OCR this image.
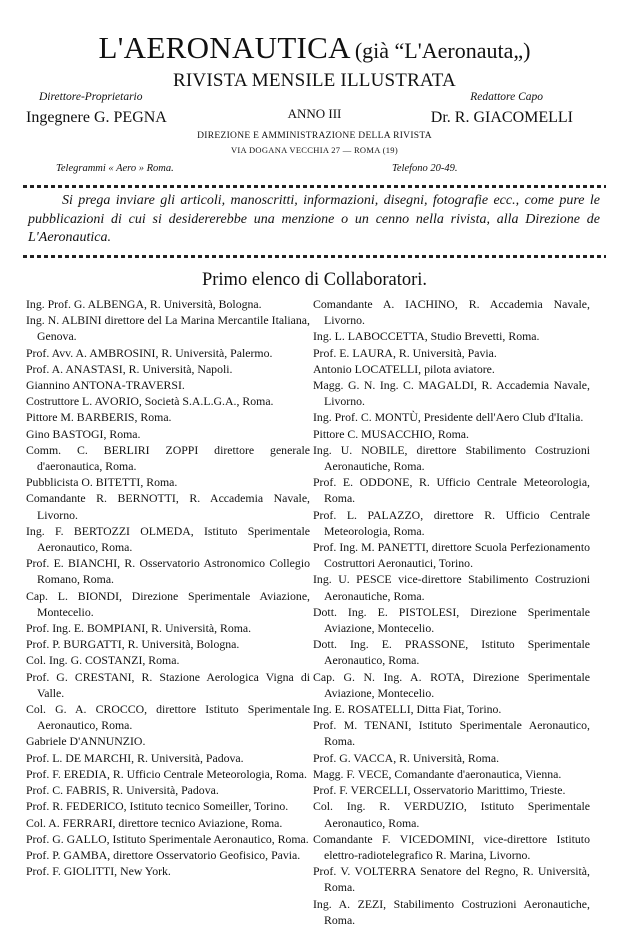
L'AERONAUTICA (già “L'Aeronauta„)
RIVISTA MENSILE ILLUSTRATA
Direttore-Proprietario	Redattore Capo
ANNO III
Ingegnere G. PEGNA	Dr. R. GIACOMELLI
DIREZIONE E AMMINISTRAZIONE DELLA RIVISTA
VIA DOGANA VECCHIA 27 — ROMA (19)
Telegrammi « Aero » Roma.	Telefono 20-49.
Si prega inviare gli articoli, manoscritti, informazioni, disegni, fotografie ecc., come pure le pubblicazioni di cui si desidererebbe una menzione o un cenno nella rivista, alla Direzione de L'Aeronautica.
Primo elenco di Collaboratori.
Ing. Prof. G. ALBENGA, R. Università, Bologna.
Ing. N. ALBINI direttore del La Marina Mercantile Italiana, Genova.
Prof. Avv. A. AMBROSINI, R. Università, Palermo.
Prof. A. ANASTASI, R. Università, Napoli.
Giannino ANTONA-TRAVERSI.
Costruttore L. AVORIO, Società S.A.L.G.A., Roma.
Pittore M. BARBERIS, Roma.
Gino BASTOGI, Roma.
Comm. C. BERLIRI ZOPPI direttore generale d'aeronautica, Roma.
Pubblicista O. BITETTI, Roma.
Comandante R. BERNOTTI, R. Accademia Navale, Livorno.
Ing. F. BERTOZZI OLMEDA, Istituto Sperimentale Aeronautico, Roma.
Prof. E. BIANCHI, R. Osservatorio Astronomico Collegio Romano, Roma.
Cap. L. BIONDI, Direzione Sperimentale Aviazione, Montecelio.
Prof. Ing. E. BOMPIANI, R. Università, Roma.
Prof. P. BURGATTI, R. Università, Bologna.
Col. Ing. G. COSTANZI, Roma.
Prof. G. CRESTANI, R. Stazione Aerologica Vigna di Valle.
Col. G. A. CROCCO, direttore Istituto Sperimentale Aeronautico, Roma.
Gabriele D'ANNUNZIO.
Prof. L. DE MARCHI, R. Università, Padova.
Prof. F. EREDIA, R. Ufficio Centrale Meteorologia, Roma.
Prof. C. FABRIS, R. Università, Padova.
Prof. R. FEDERICO, Istituto tecnico Someiller, Torino.
Col. A. FERRARI, direttore tecnico Aviazione, Roma.
Prof. G. GALLO, Istituto Sperimentale Aeronautico, Roma.
Prof. P. GAMBA, direttore Osservatorio Geofisico, Pavia.
Prof. F. GIOLITTI, New York.
Comandante A. IACHINO, R. Accademia Navale, Livorno.
Ing. L. LABOCCETTA, Studio Brevetti, Roma.
Prof. E. LAURA, R. Università, Pavia.
Antonio LOCATELLI, pilota aviatore.
Magg. G. N. Ing. C. MAGALDI, R. Accademia Navale, Livorno.
Ing. Prof. C. MONTÙ, Presidente dell'Aero Club d'Italia.
Pittore C. MUSACCHIO, Roma.
Ing. U. NOBILE, direttore Stabilimento Costruzioni Aeronautiche, Roma.
Prof. E. ODDONE, R. Ufficio Centrale Meteorologia, Roma.
Prof. L. PALAZZO, direttore R. Ufficio Centrale Meteorologia, Roma.
Prof. Ing. M. PANETTI, direttore Scuola Perfezionamento Costruttori Aeronautici, Torino.
Ing. U. PESCE vice-direttore Stabilimento Costruzioni Aeronautiche, Roma.
Dott. Ing. E. PISTOLESI, Direzione Sperimentale Aviazione, Montecelio.
Dott. Ing. E. PRASSONE, Istituto Sperimentale Aeronautico, Roma.
Cap. G. N. Ing. A. ROTA, Direzione Sperimentale Aviazione, Montecelio.
Ing. E. ROSATELLI, Ditta Fiat, Torino.
Prof. M. TENANI, Istituto Sperimentale Aeronautico, Roma.
Prof. G. VACCA, R. Università, Roma.
Magg. F. VECE, Comandante d'aeronautica, Vienna.
Prof. F. VERCELLI, Osservatorio Marittimo, Trieste.
Col. Ing. R. VERDUZIO, Istituto Sperimentale Aeronautico, Roma.
Comandante F. VICEDOMINI, vice-direttore Istituto elettro-radiotelegrafico R. Marina, Livorno.
Prof. V. VOLTERRA Senatore del Regno, R. Università, Roma.
Ing. A. ZEZI, Stabilimento Costruzioni Aeronautiche, Roma.
